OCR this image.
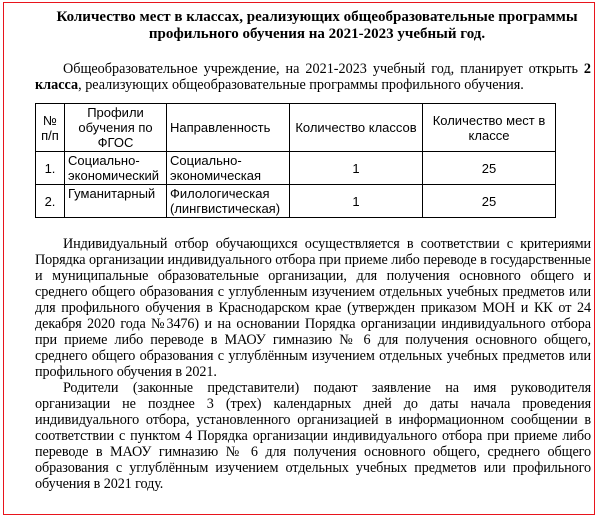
Количество мест в классах, реализующих общеобразовательные программы профильного обучения на 2021-2023 учебный год.

Общеобразовательное учреждение, на 2021-2023 учебный год, планирует открыть 2 класса, реализующих общеобразовательные программы профильного обучения.

№ п/п	Профили обучения по ФГОС	Направленность	Количество классов	Количество мест в классе
1.	Социально-экономический	Социально-экономическая	1	25
2.	Гуманитарный	Филологическая (лингвистическая)	1	25

Индивидуальный отбор обучающихся осуществляется в соответствии с критериями Порядка организации индивидуального отбора при приеме либо переводе в государственные и муниципальные образовательные организации, для получения основного общего и среднего общего образования с углубленным изучением отдельных учебных предметов или для профильного обучения в Краснодарском крае (утвержден приказом МОН и КК от 24 декабря 2020 года №3476) и на основании Порядка организации индивидуального отбора при приеме либо переводе в МАОУ гимназию № 6 для получения основного общего, среднего общего образования с углублённым изучением отдельных учебных предметов или профильного обучения в 2021.

Родители (законные представители) подают заявление на имя руководителя организации не позднее 3 (трех) календарных дней до даты начала проведения индивидуального отбора, установленного организацией в информационном сообщении в соответствии с пунктом 4 Порядка организации индивидуального отбора при приеме либо переводе в МАОУ гимназию № 6 для получения основного общего, среднего общего образования с углублённым изучением отдельных учебных предметов или профильного обучения в 2021 году.
